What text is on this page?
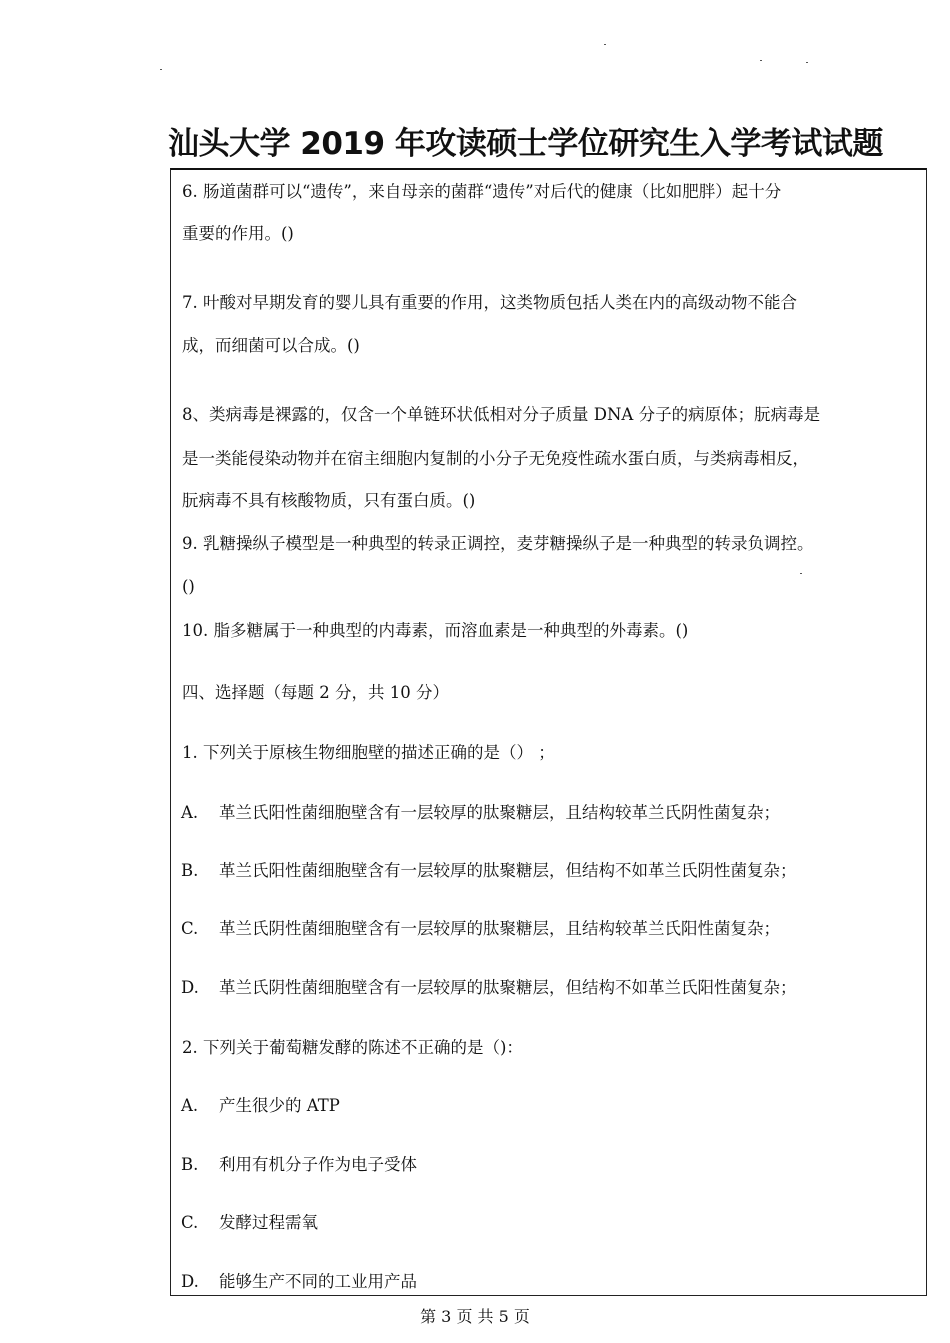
汕头大学 2019 年攻读硕士学位研究生入学考试试题
6. 肠道菌群可以“遗传”，来自母亲的菌群“遗传”对后代的健康（比如肥胖）起十分
重要的作用。()
7. 叶酸对早期发育的婴儿具有重要的作用，这类物质包括人类在内的高级动物不能合
成，而细菌可以合成。()
8、类病毒是裸露的，仅含一个单链环状低相对分子质量 DNA 分子的病原体；朊病毒是
是一类能侵染动物并在宿主细胞内复制的小分子无免疫性疏水蛋白质，与类病毒相反，
朊病毒不具有核酸物质，只有蛋白质。()
9. 乳糖操纵子模型是一种典型的转录正调控，麦芽糖操纵子是一种典型的转录负调控。
()
10. 脂多糖属于一种典型的内毒素，而溶血素是一种典型的外毒素。()
四、选择题（每题 2 分，共 10 分）
1. 下列关于原核生物细胞壁的描述正确的是（） ；
A. 革兰氏阳性菌细胞壁含有一层较厚的肽聚糖层，且结构较革兰氏阴性菌复杂；
B. 革兰氏阳性菌细胞壁含有一层较厚的肽聚糖层，但结构不如革兰氏阴性菌复杂；
C. 革兰氏阴性菌细胞壁含有一层较厚的肽聚糖层，且结构较革兰氏阳性菌复杂；
D. 革兰氏阴性菌细胞壁含有一层较厚的肽聚糖层，但结构不如革兰氏阳性菌复杂；
2. 下列关于葡萄糖发酵的陈述不正确的是（)：
A. 产生很少的 ATP
B. 利用有机分子作为电子受体
C. 发酵过程需氧
D. 能够生产不同的工业用产品
第 3 页 共 5 页
